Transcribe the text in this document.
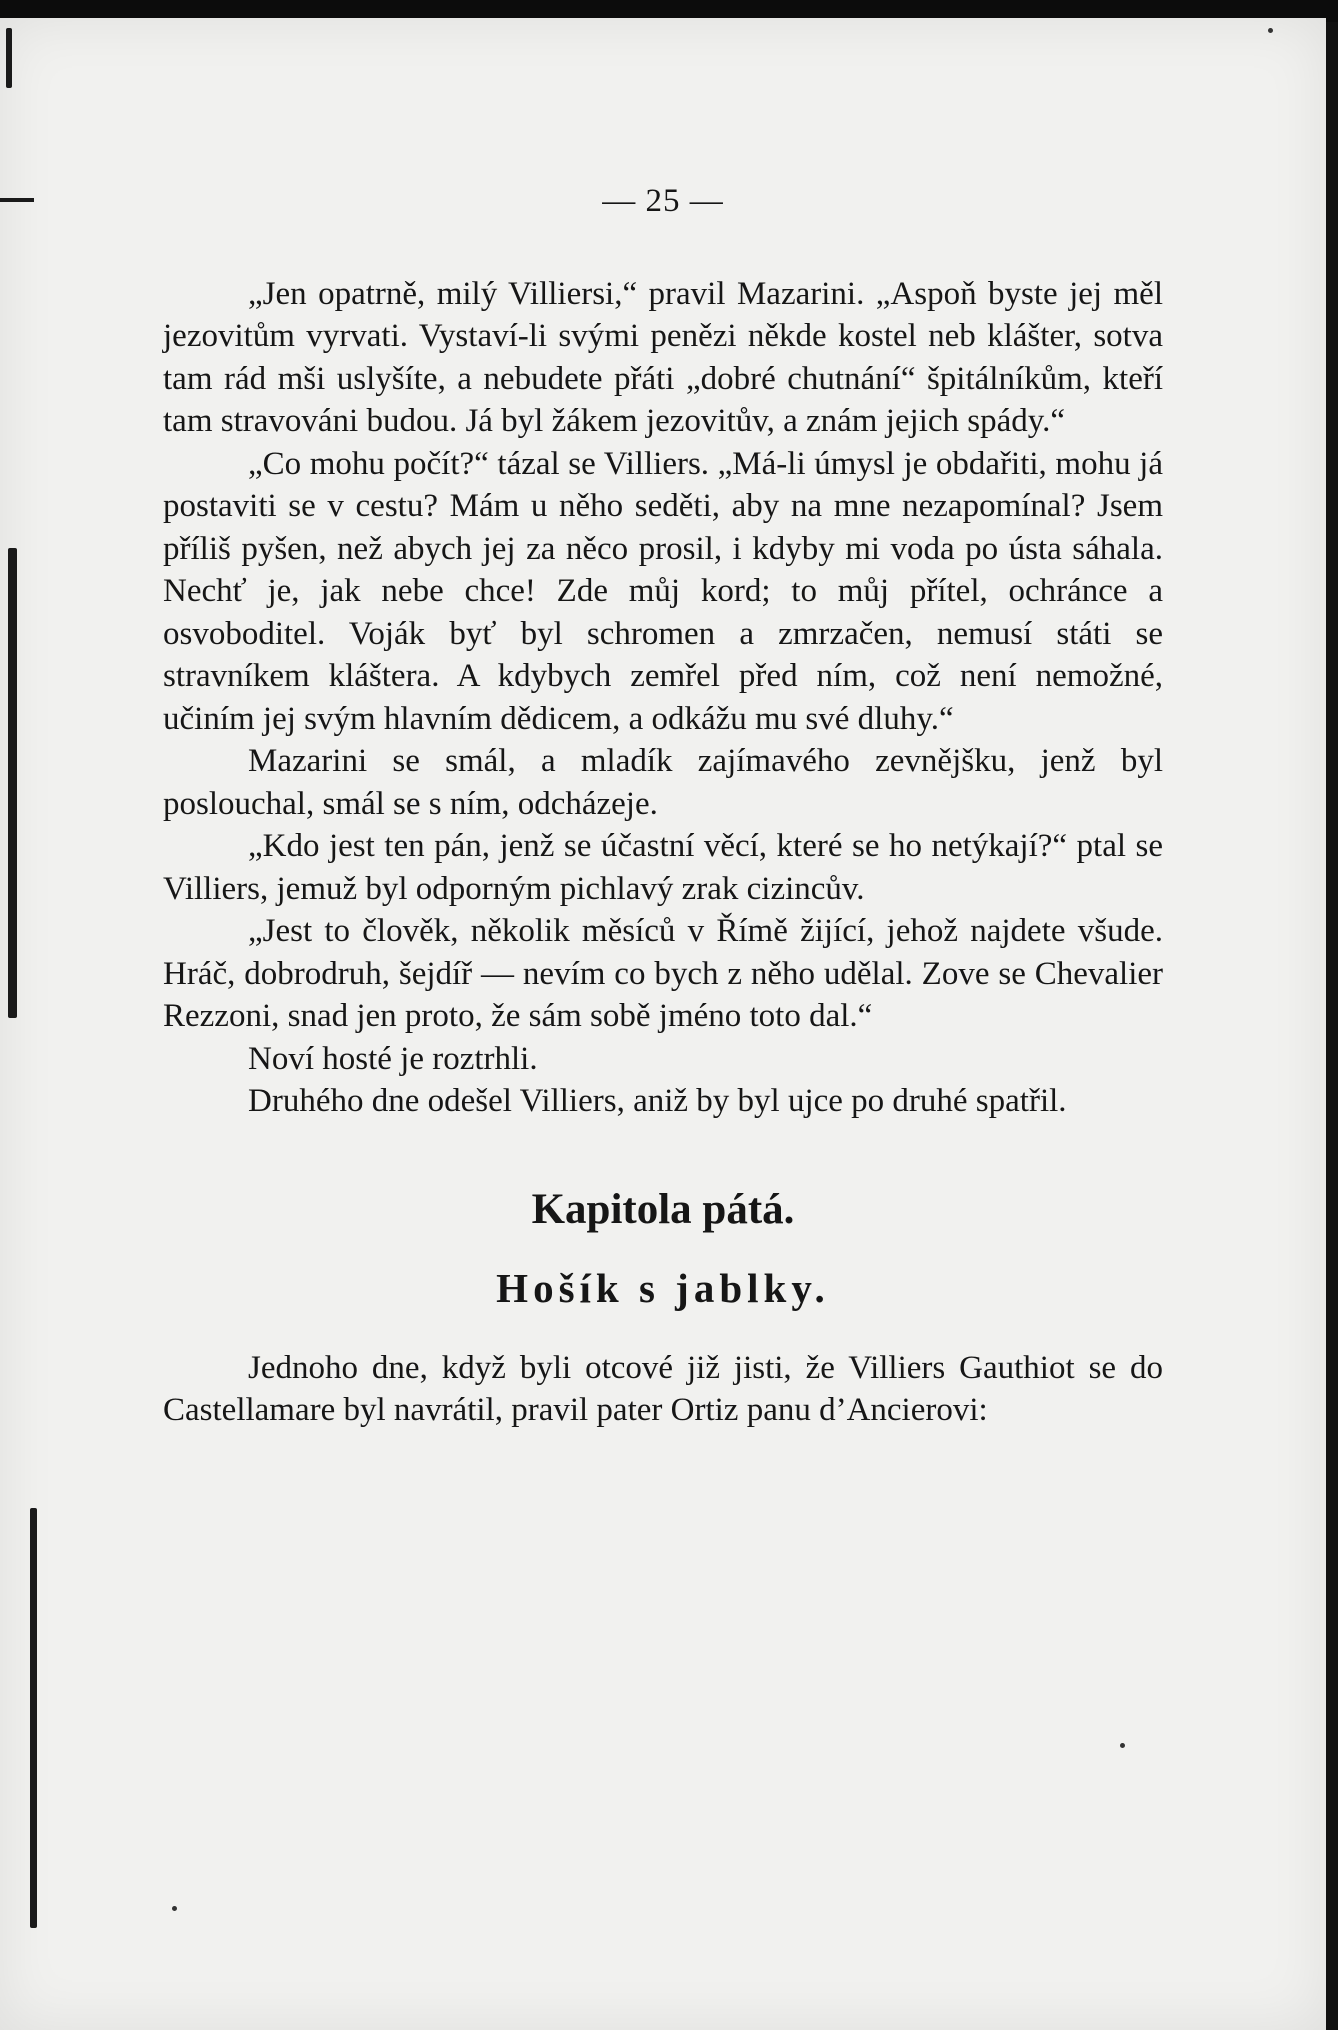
— 25 —

„Jen opatrně, milý Villiersi,“ pravil Mazarini. „Aspoň byste jej měl jezovitům vyrvati. Vystaví-li svými penězi někde kostel neb klášter, sotva tam rád mši uslyšíte, a nebudete přáti „dobré chutnání“ špitálníkům, kteří tam stravováni budou. Já byl žákem jezovitův, a znám jejich spády.“

„Co mohu počít?“ tázal se Villiers. „Má-li úmysl je obdařiti, mohu já postaviti se v cestu? Mám u něho seděti, aby na mne nezapomínal? Jsem příliš pyšen, než abych jej za něco prosil, i kdyby mi voda po ústa sáhala. Nechť je, jak nebe chce! Zde můj kord; to můj přítel, ochránce a osvoboditel. Voják byť byl schromen a zmrzačen, nemusí státi se stravníkem kláštera. A kdybych zemřel před ním, což není nemožné, učiním jej svým hlavním dědicem, a odkážu mu své dluhy.“

Mazarini se smál, a mladík zajímavého zevnějšku, jenž byl poslouchal, smál se s ním, odcházeje.

„Kdo jest ten pán, jenž se účastní věcí, které se ho netýkají?“ ptal se Villiers, jemuž byl odporným pichlavý zrak cizincův.

„Jest to člověk, několik měsíců v Římě žijící, jehož najdete všude. Hráč, dobrodruh, šejdíř — nevím co bych z něho udělal. Zove se Chevalier Rezzoni, snad jen proto, že sám sobě jméno toto dal.“

Noví hosté je roztrhli.

Druhého dne odešel Villiers, aniž by byl ujce po druhé spatřil.

Kapitola pátá.
Hošík s jablky.

Jednoho dne, když byli otcové již jisti, že Villiers Gauthiot se do Castellamare byl navrátil, pravil pater Ortiz panu d’Ancierovi:
